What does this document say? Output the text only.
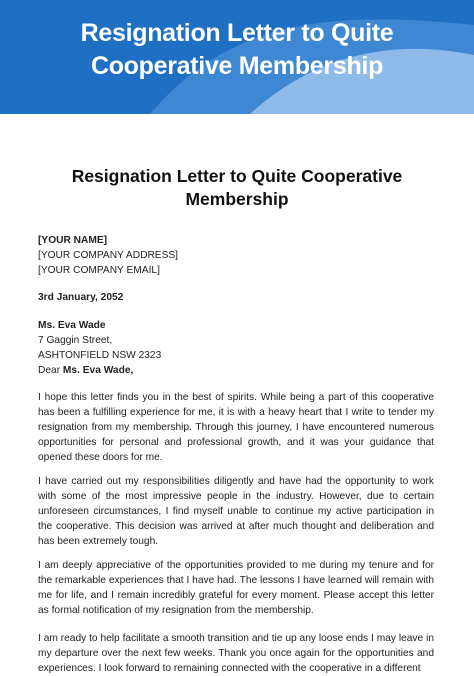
Resignation Letter to Quite
Cooperative Membership
Resignation Letter to Quite Cooperative
Membership
[YOUR NAME]
[YOUR COMPANY ADDRESS]
[YOUR COMPANY EMAIL]
3rd January, 2052
Ms. Eva Wade
7 Gaggin Street,
ASHTONFIELD NSW 2323
Dear Ms. Eva Wade,
I hope this letter finds you in the best of spirits. While being a part of this cooperative has been a fulfilling experience for me, it is with a heavy heart that I write to tender my resignation from my membership. Through this journey, I have encountered numerous opportunities for personal and professional growth, and it was your guidance that opened these doors for me.
I have carried out my responsibilities diligently and have had the opportunity to work with some of the most impressive people in the industry. However, due to certain unforeseen circumstances, I find myself unable to continue my active participation in the cooperative. This decision was arrived at after much thought and deliberation and has been extremely tough.
I am deeply appreciative of the opportunities provided to me during my tenure and for the remarkable experiences that I have had. The lessons I have learned will remain with me for life, and I remain incredibly grateful for every moment. Please accept this letter as formal notification of my resignation from the membership.
I am ready to help facilitate a smooth transition and tie up any loose ends I may leave in my departure over the next few weeks. Thank you once again for the opportunities and experiences. I look forward to remaining connected with the cooperative in a different
